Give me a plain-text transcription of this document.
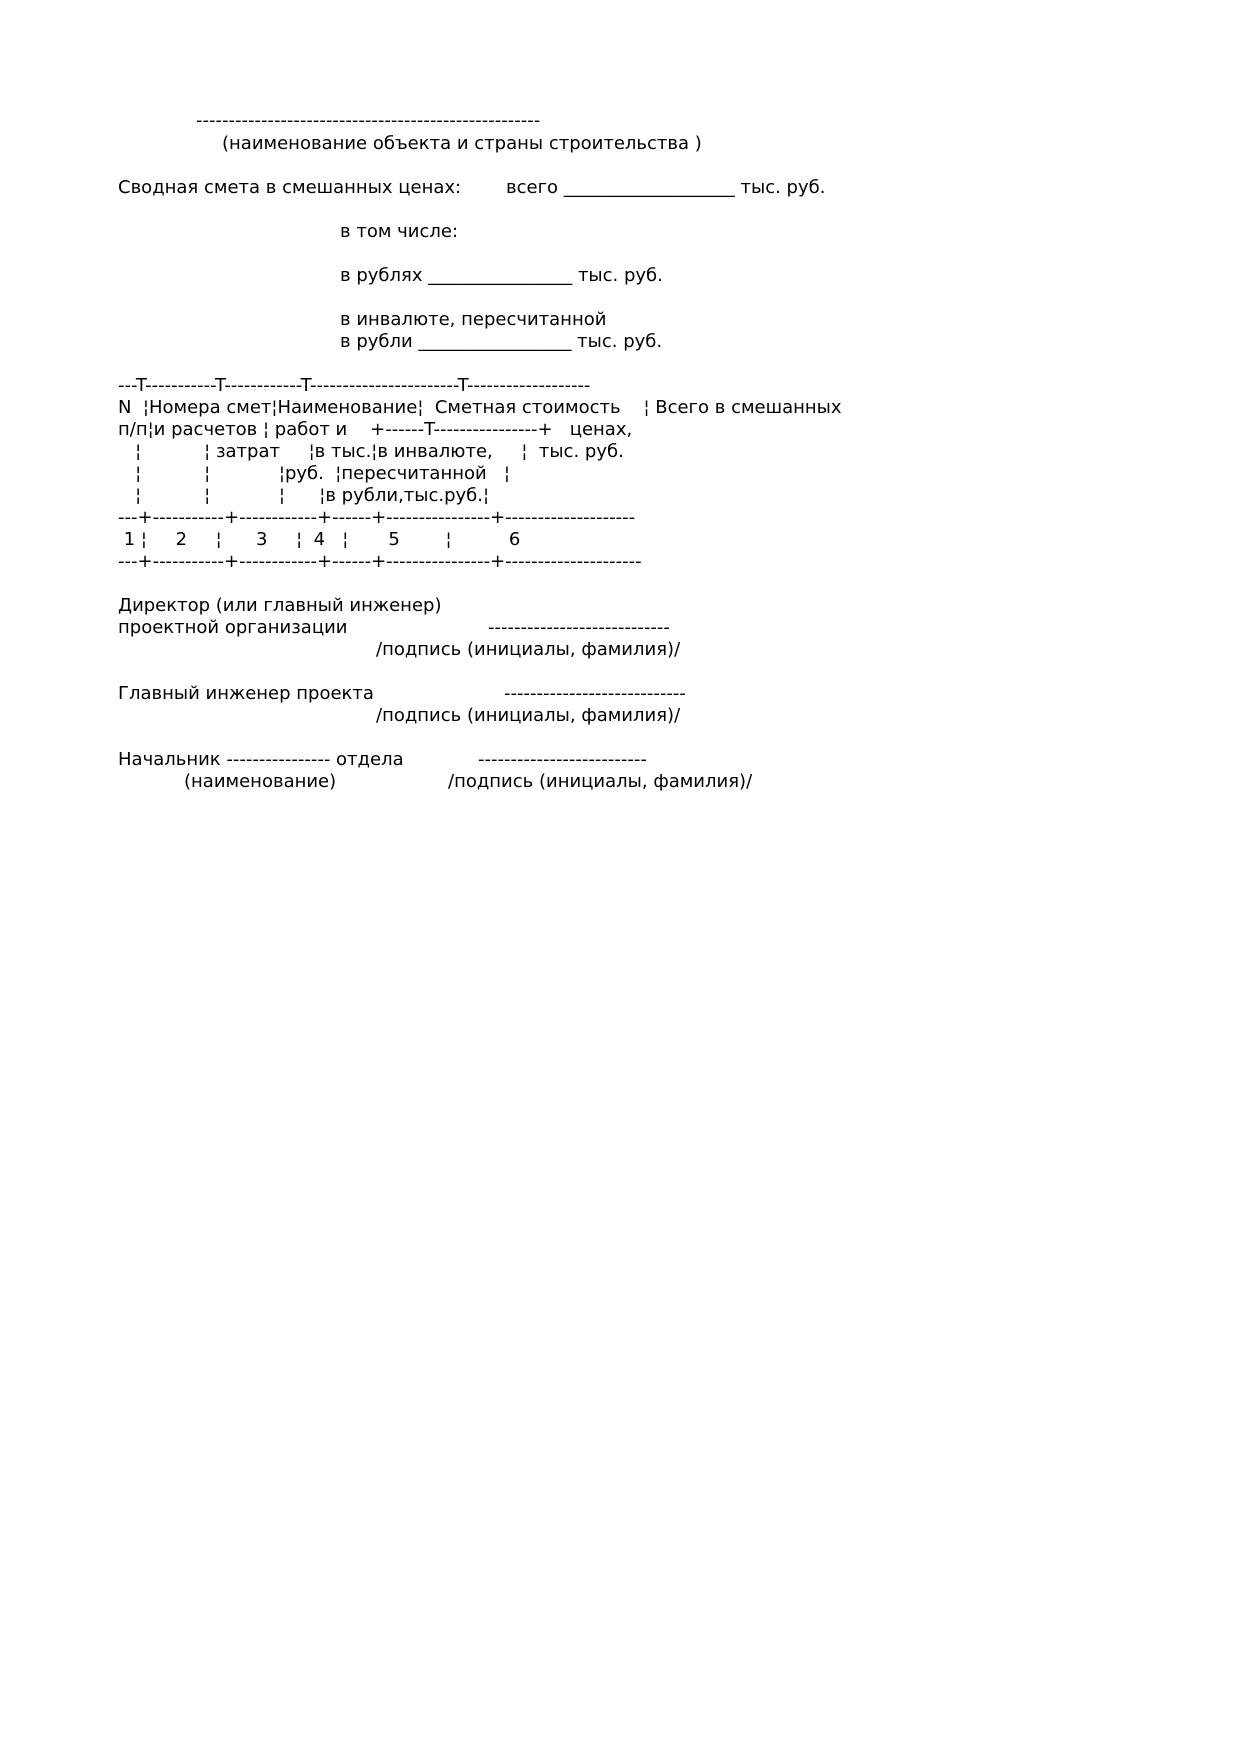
-----------------------------------------------------
(наименование объекта и страны строительства )
Сводная смета в смешанных ценах: всего ___________________ тыс. руб.
в том числе:
в рублях ________________ тыс. руб.
в инвалюте, пересчитанной
в рубли _________________ тыс. руб.
---T-----------T------------T-----------------------T-------------------
N  ¦Номера смет¦Наименование¦  Сметная стоимость    ¦ Всего в смешанных
п/п¦и расчетов ¦ работ и    +------T----------------+   ценах,
¦           ¦ затрат     ¦в тыс.¦в инвалюте,     ¦  тыс. руб.
¦           ¦            ¦руб.  ¦пересчитанной   ¦
¦           ¦            ¦      ¦в рубли,тыс.руб.¦
---+-----------+------------+------+----------------+--------------------
1 ¦     2     ¦      3     ¦  4   ¦       5        ¦          6
---+-----------+------------+------+----------------+---------------------
Директор (или главный инженер)
проектной организации	----------------------------
/подпись (инициалы, фамилия)/
Главный инженер проекта	----------------------------
/подпись (инициалы, фамилия)/
Начальник ---------------- отдела	--------------------------
(наименование)	/подпись (инициалы, фамилия)/
